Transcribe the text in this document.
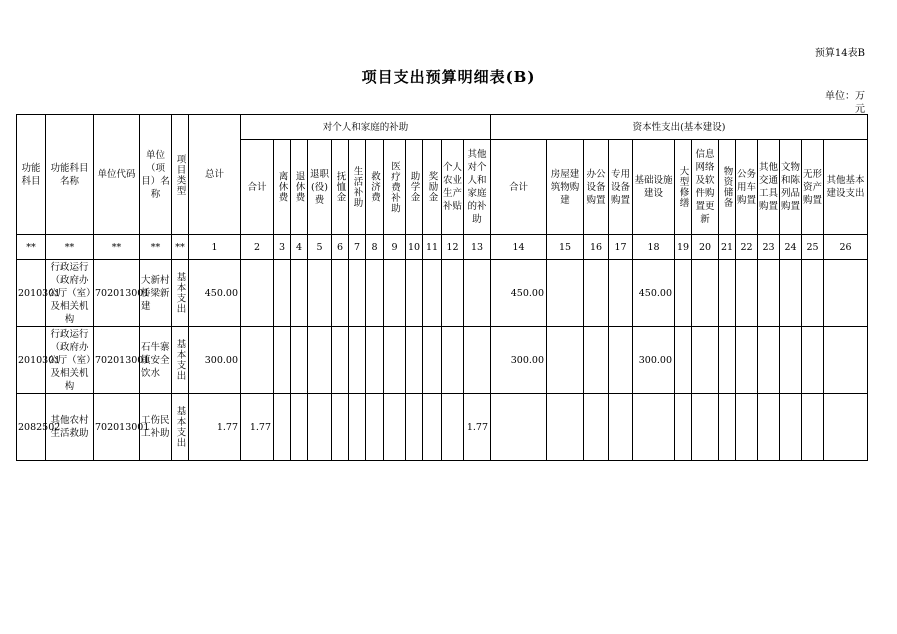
预算14表B
项目支出预算明细表(B)
单位：万
元
功能科目	功能科目名称	单位代码	单位（项目）名称	项目类型	总计	对个人和家庭的补助												资本性支出(基本建设)												
						合计	离休费	退休费	退职(役)费	抚恤金	生活补助	救济费	医疗费补助	助学金	奖励金	个人农业生产补贴	其他对个人和家庭的补助	合计	房屋建筑物购建	办公设备购置	专用设备购置	基础设施建设	大型修缮	信息网络及软件购置更新	物资储备	公务用车购置	其他交通工具购置	文物和陈列品购置	无形资产购置	其他基本建设支出
**	**	**	**	**	1	2	3	4	5	6	7	8	9	10	11	12	13	14	15	16	17	18	19	20	21	22	23	24	25	26
2010301	行政运行（政府办公厅（室）及相关机构	702013001	大新村桥梁新建	基本支出	450.00													450.00				450.00								
2010301	行政运行（政府办公厅（室）及相关机构	702013001	石牛寨镇安全饮水	基本支出	300.00													300.00				300.00								
2082502	其他农村生活救助	702013001	工伤民工补助	基本支出	1.77	1.77											1.77													
